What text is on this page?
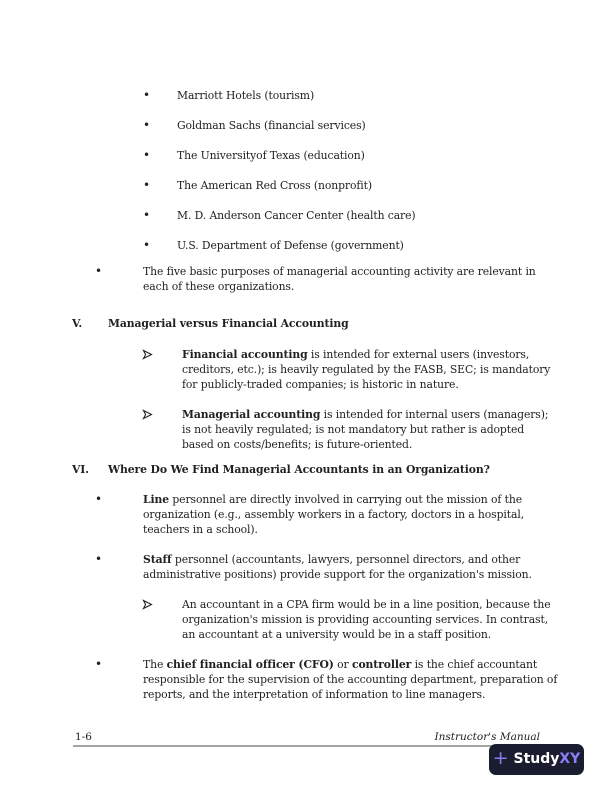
•	Marriott Hotels (tourism)
•	Goldman Sachs (financial services)
•	The Universityof Texas (education)
•	The American Red Cross (nonprofit)
•	M. D. Anderson Cancer Center (health care)
•	U.S. Department of Defense (government)
•	The five basic purposes of managerial accounting activity are relevant in each of these organizations.
V.	Managerial versus Financial Accounting
Financial accounting is intended for external users (investors, creditors, etc.); is heavily regulated by the FASB, SEC; is mandatory for publicly-traded companies; is historic in nature.
Managerial accounting is intended for internal users (managers); is not heavily regulated; is not mandatory but rather is adopted based on costs/benefits; is future-oriented.
VI.	Where Do We Find Managerial Accountants in an Organization?
•	Line personnel are directly involved in carrying out the mission of the organization (e.g., assembly workers in a factory, doctors in a hospital, teachers in a school).
•	Staff personnel (accountants, lawyers, personnel directors, and other administrative positions) provide support for the organization's mission.
An accountant in a CPA firm would be in a line position, because the organization's mission is providing accounting services. In contrast, an accountant at a university would be in a staff position.
•	The chief financial officer (CFO) or controller is the chief accountant responsible for the supervision of the accounting department, preparation of reports, and the interpretation of information to line managers.
1-6	Instructor's Manual
+ StudyXY
